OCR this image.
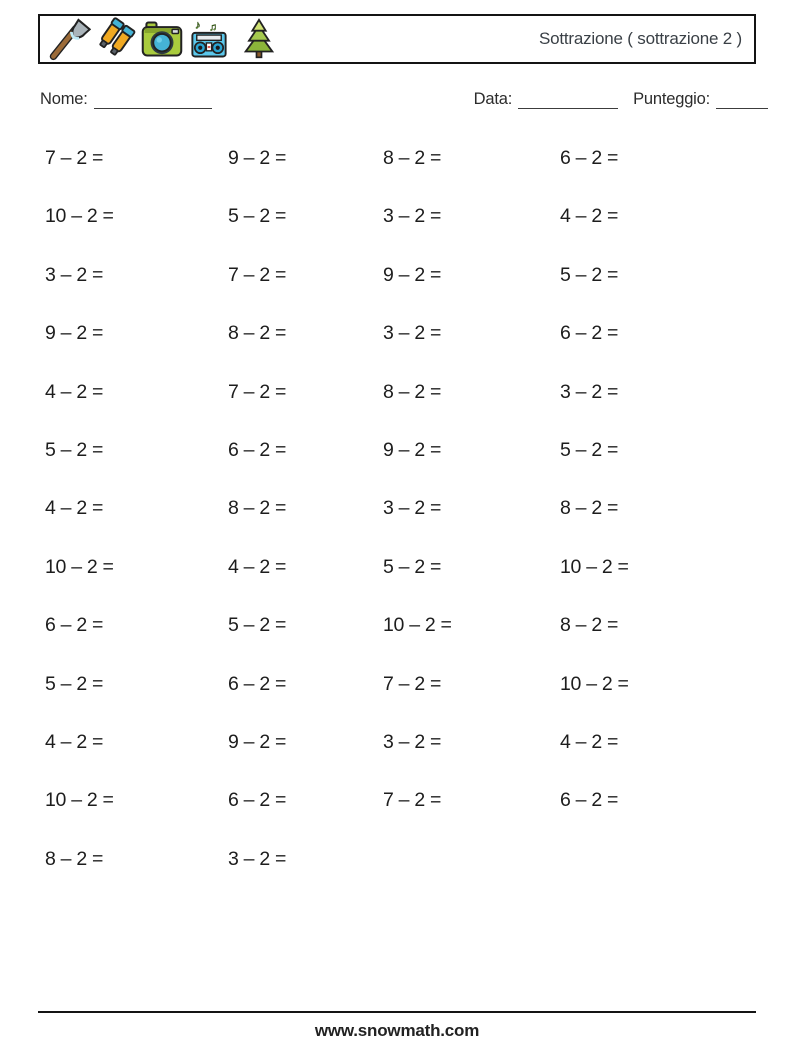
♪ ♫
Sottrazione ( sottrazione 2 )
Nome:	Data:	Punteggio:
7 – 2 =	9 – 2 =	8 – 2 =	6 – 2 =
10 – 2 =	5 – 2 =	3 – 2 =	4 – 2 =
3 – 2 =	7 – 2 =	9 – 2 =	5 – 2 =
9 – 2 =	8 – 2 =	3 – 2 =	6 – 2 =
4 – 2 =	7 – 2 =	8 – 2 =	3 – 2 =
5 – 2 =	6 – 2 =	9 – 2 =	5 – 2 =
4 – 2 =	8 – 2 =	3 – 2 =	8 – 2 =
10 – 2 =	4 – 2 =	5 – 2 =	10 – 2 =
6 – 2 =	5 – 2 =	10 – 2 =	8 – 2 =
5 – 2 =	6 – 2 =	7 – 2 =	10 – 2 =
4 – 2 =	9 – 2 =	3 – 2 =	4 – 2 =
10 – 2 =	6 – 2 =	7 – 2 =	6 – 2 =
8 – 2 =	3 – 2 =
www.snowmath.com
